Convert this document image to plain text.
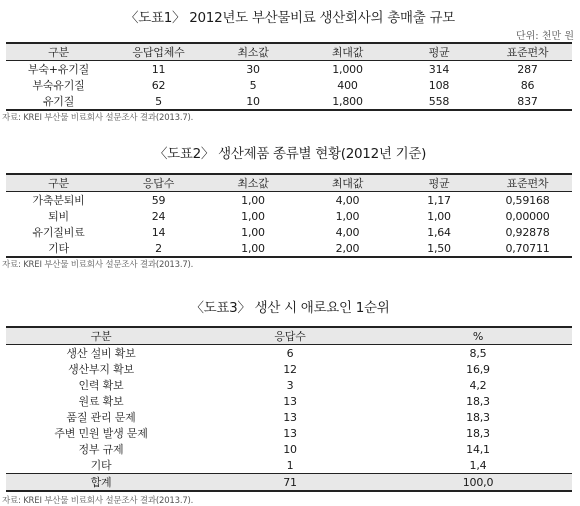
〈도표1〉 2012년도 부산물비료 생산회사의 총매출 규모
단위: 천만 원
구분	응답업체수	최소값	최대값	평균	표준편차
부숙+유기질	11	30	1,000	314	287
부숙유기질	62	5	400	108	86
유기질	5	10	1,800	558	837
자료: KREI 부산물 비료회사 설문조사 결과(2013.7).
〈도표2〉 생산제품 종류별 현황(2012년 기준)
구분	응답수	최소값	최대값	평균	표준편차
가축분퇴비	59	1,00	4,00	1,17	0,59168
퇴비	24	1,00	1,00	1,00	0,00000
유기질비료	14	1,00	4,00	1,64	0,92878
기타	2	1,00	2,00	1,50	0,70711
자료: KREI 부산물 비료회사 설문조사 결과(2013.7).
〈도표3〉 생산 시 애로요인 1순위
구분	응답수	%
생산 설비 확보	6	8,5
생산부지 확보	12	16,9
인력 확보	3	4,2
원료 확보	13	18,3
품질 관리 문제	13	18,3
주변 민원 발생 문제	13	18,3
정부 규제	10	14,1
기타	1	1,4
합계	71	100,0
자료: KREI 부산물 비료회사 설문조사 결과(2013.7).
